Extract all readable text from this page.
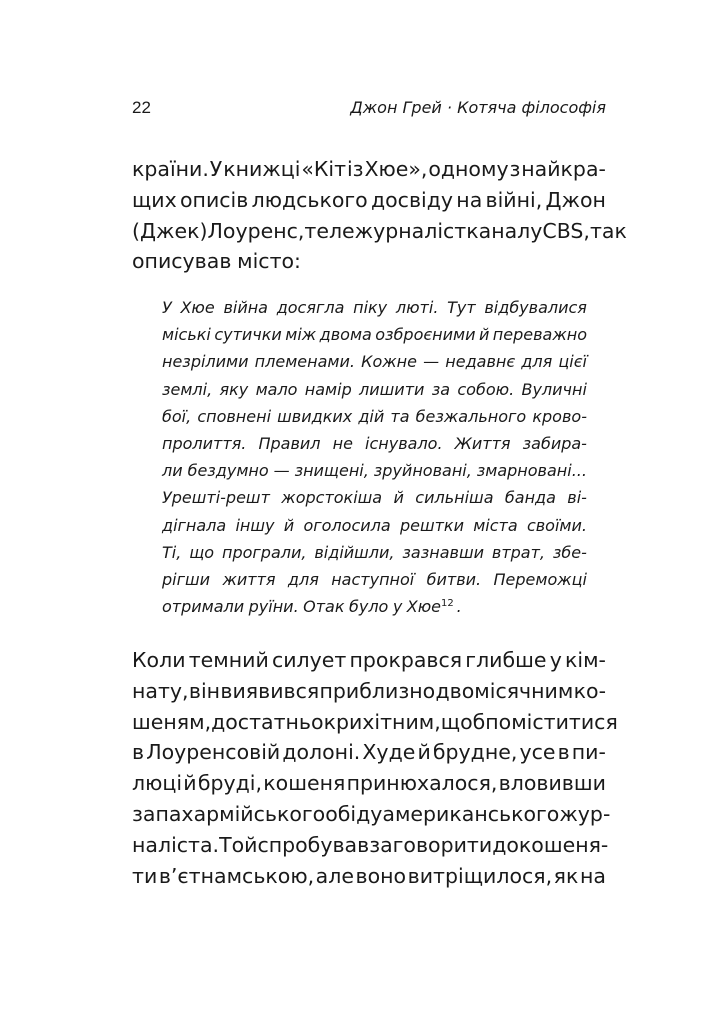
22	Джон Грей · Котяча філософія
країни. У книжці «Кіт із Хюе», одному з найкра-
щих описів людського досвіду на війні, Джон
(Джек) Лоуренс, тележурналіст каналу CBS, так
описував місто:
У Хюе війна досягла піку люті. Тут відбувалися
міські сутички між двома озброєними й переважно
незрілими племенами. Кожне — недавнє для цієї
землі, яку мало намір лишити за собою. Вуличні
бої, сповнені швидких дій та безжального крово-
пролиття. Правил не існувало. Життя забира-
ли бездумно — знищені, зруйновані, змарновані...
Урешті-решт жорстокіша й сильніша банда ві-
дігнала іншу й оголосила рештки міста своїми.
Ті, що програли, відійшли, зазнавши втрат, збе-
рігши життя для наступної битви. Переможці
отримали руїни. Отак було у Хюе$^{12}$ .
Коли темний силует прокрався глибше у кім-
нату, він виявився приблизно двомісячним ко-
шеням, достатньо крихітним, щоб поміститися
в Лоуренсовій долоні. Худе й брудне, усе в пи-
люці й бруді, кошеня принюхалося, вловивши
запах армійського обіду американського жур-
наліста. Той спробував заговорити до кошеня-
ти в’єтнамською, але воно витріщилося, як на
